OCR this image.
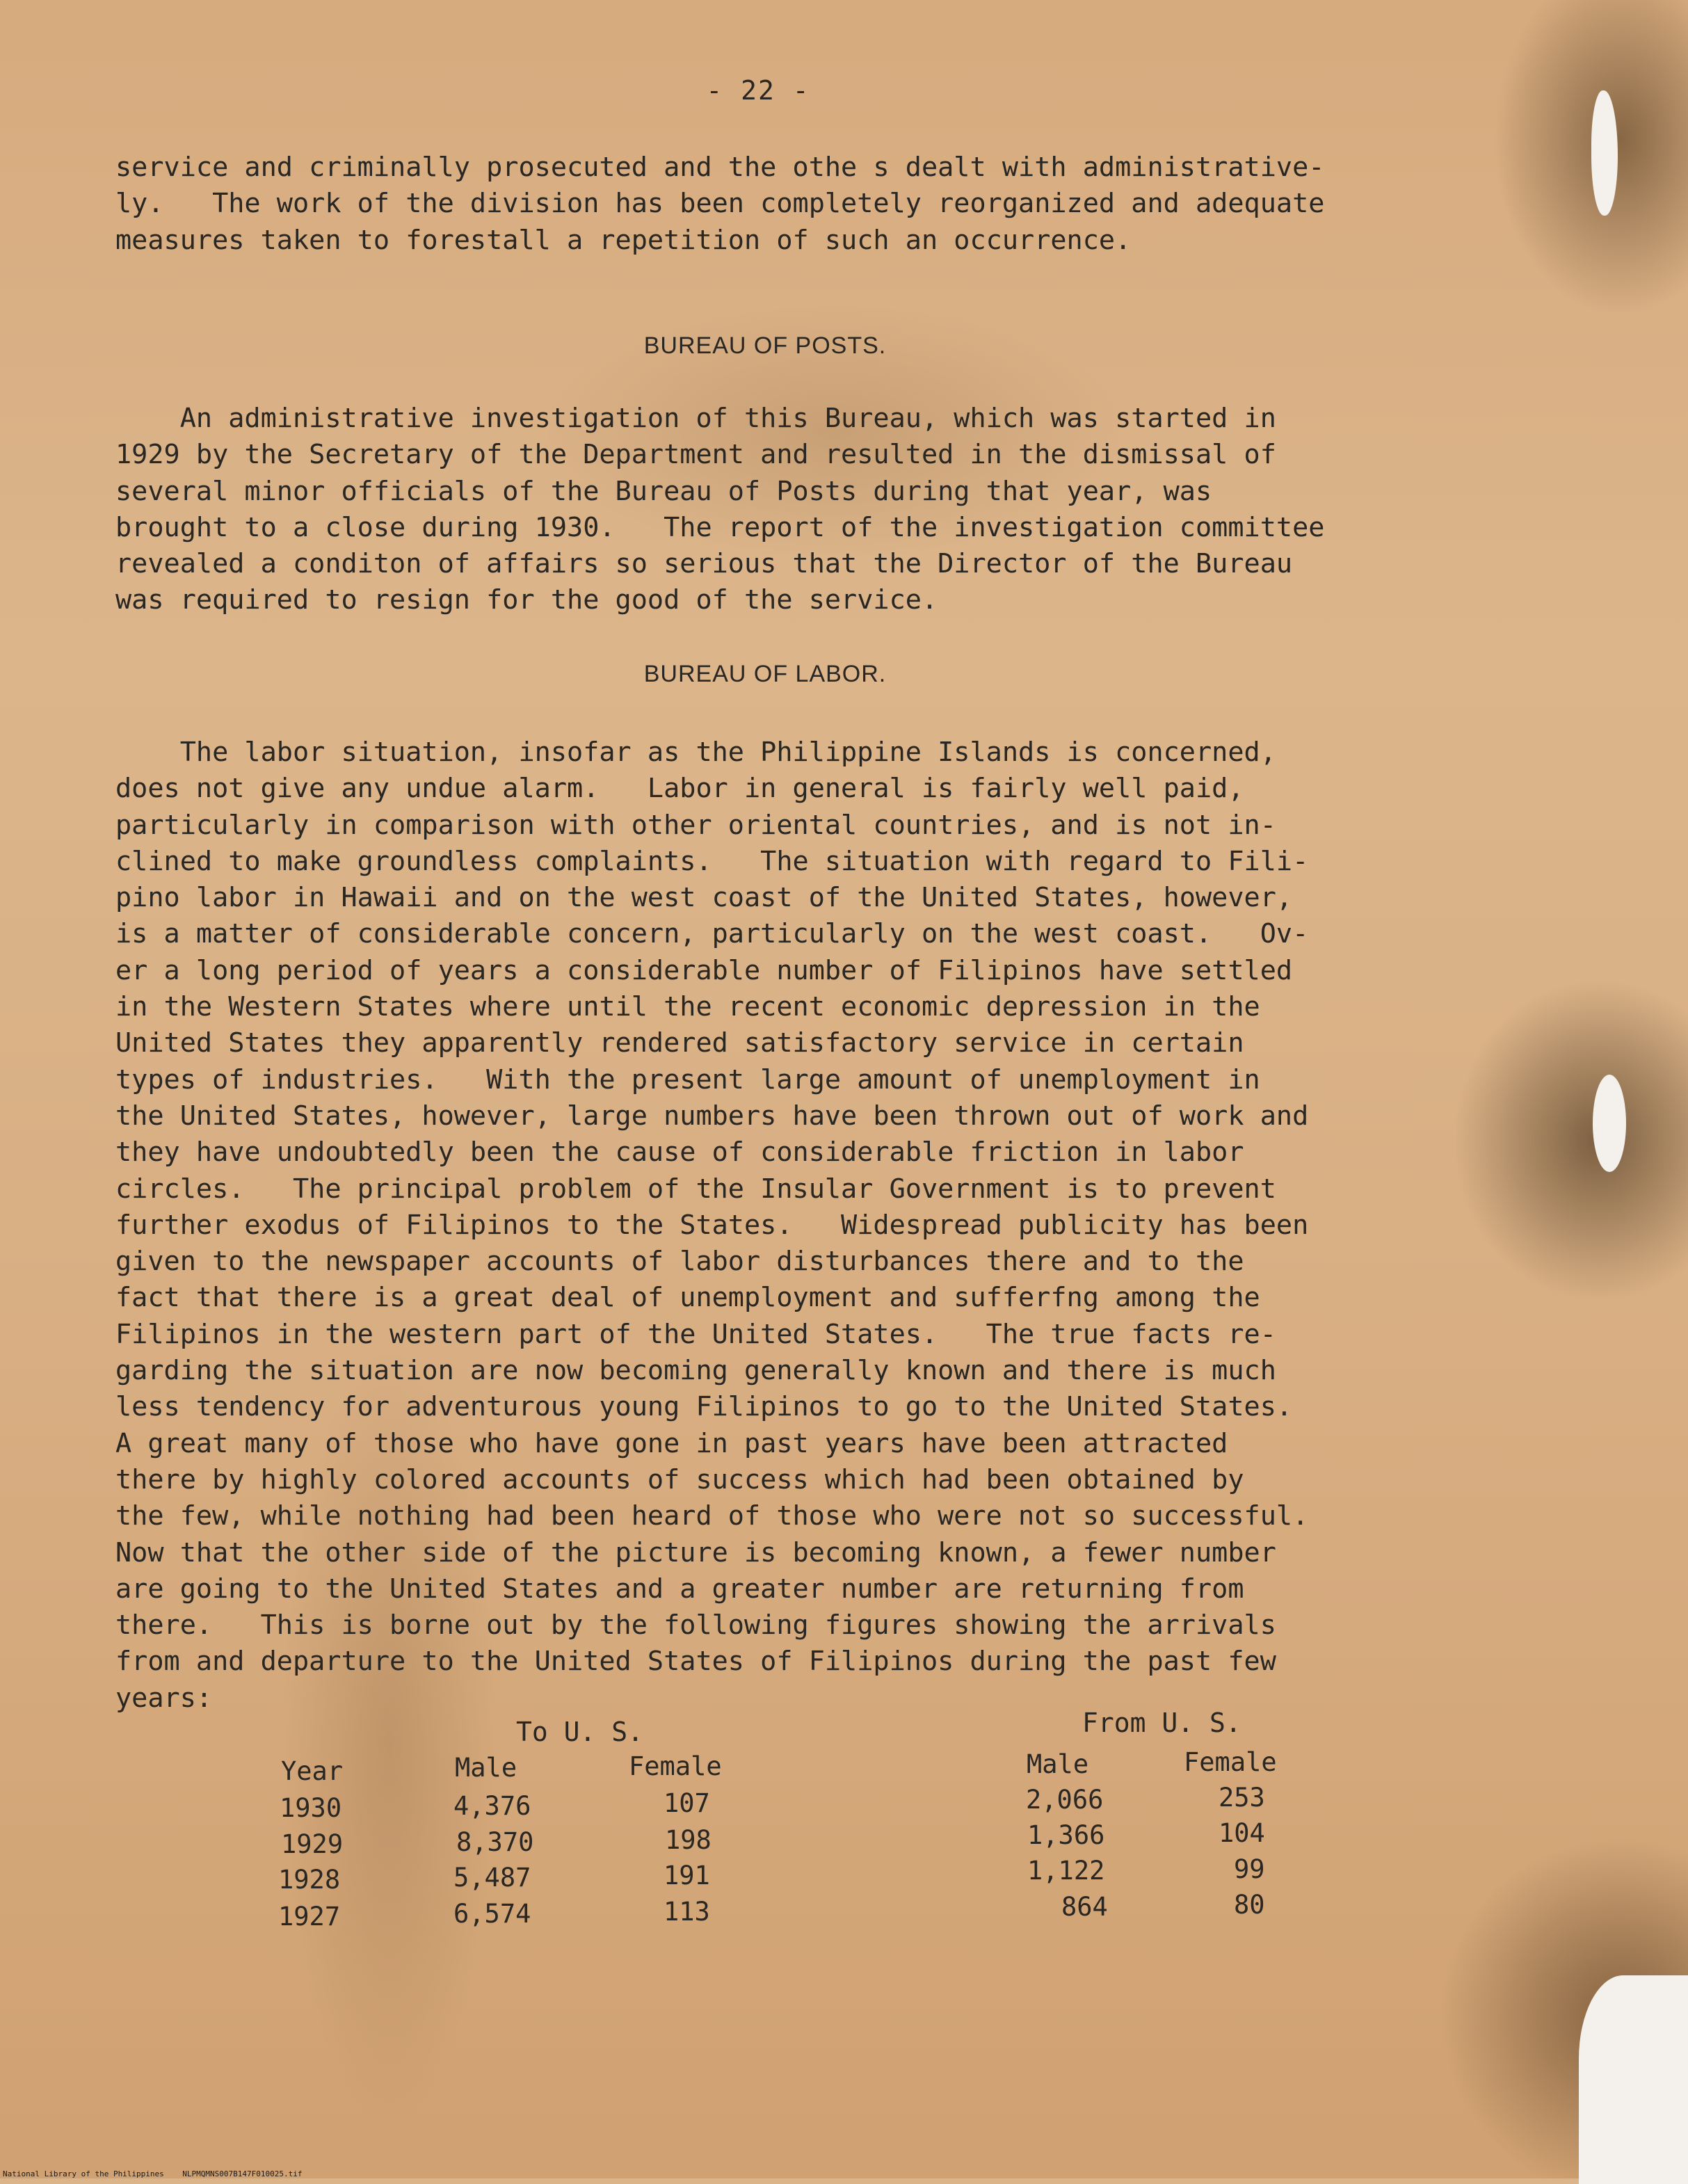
- 22 -

service and criminally prosecuted and the othe s dealt with administrative-
ly.   The work of the division has been completely reorganized and adequate
measures taken to forestall a repetition of such an occurrence.

BUREAU OF POSTS.

An administrative investigation of this Bureau, which was started in
1929 by the Secretary of the Department and resulted in the dismissal of
several minor officials of the Bureau of Posts during that year, was
brought to a close during 1930.   The report of the investigation committee
revealed a conditon of affairs so serious that the Director of the Bureau
was required to resign for the good of the service.

BUREAU OF LABOR.

The labor situation, insofar as the Philippine Islands is concerned,
does not give any undue alarm.   Labor in general is fairly well paid,
particularly in comparison with other oriental countries, and is not in-
clined to make groundless complaints.   The situation with regard to Fili-
pino labor in Hawaii and on the west coast of the United States, however,
is a matter of considerable concern, particularly on the west coast.   Ov-
er a long period of years a considerable number of Filipinos have settled
in the Western States where until the recent economic depression in the
United States they apparently rendered satisfactory service in certain
types of industries.   With the present large amount of unemployment in
the United States, however, large numbers have been thrown out of work and
they have undoubtedly been the cause of considerable friction in labor
circles.   The principal problem of the Insular Government is to prevent
further exodus of Filipinos to the States.   Widespread publicity has been
given to the newspaper accounts of labor disturbances there and to the
fact that there is a great deal of unemployment and sufferfng among the
Filipinos in the western part of the United States.   The true facts re-
garding the situation are now becoming generally known and there is much
less tendency for adventurous young Filipinos to go to the United States.
A great many of those who have gone in past years have been attracted
there by highly colored accounts of success which had been obtained by
the few, while nothing had been heard of those who were not so successful.
Now that the other side of the picture is becoming known, a fewer number
are going to the United States and a greater number are returning from
there.   This is borne out by the following figures showing the arrivals
from and departure to the United States of Filipinos during the past few
years:

To U. S.	From U. S.
Year	Male	Female	Male	Female
1930	4,376	107	2,066	253
1929	8,370	198	1,366	104
1928	5,487	191	1,122	99
1927	6,574	113	864	80
National Library of the Philippines    NLPMQMNS007B147F010025.tif
